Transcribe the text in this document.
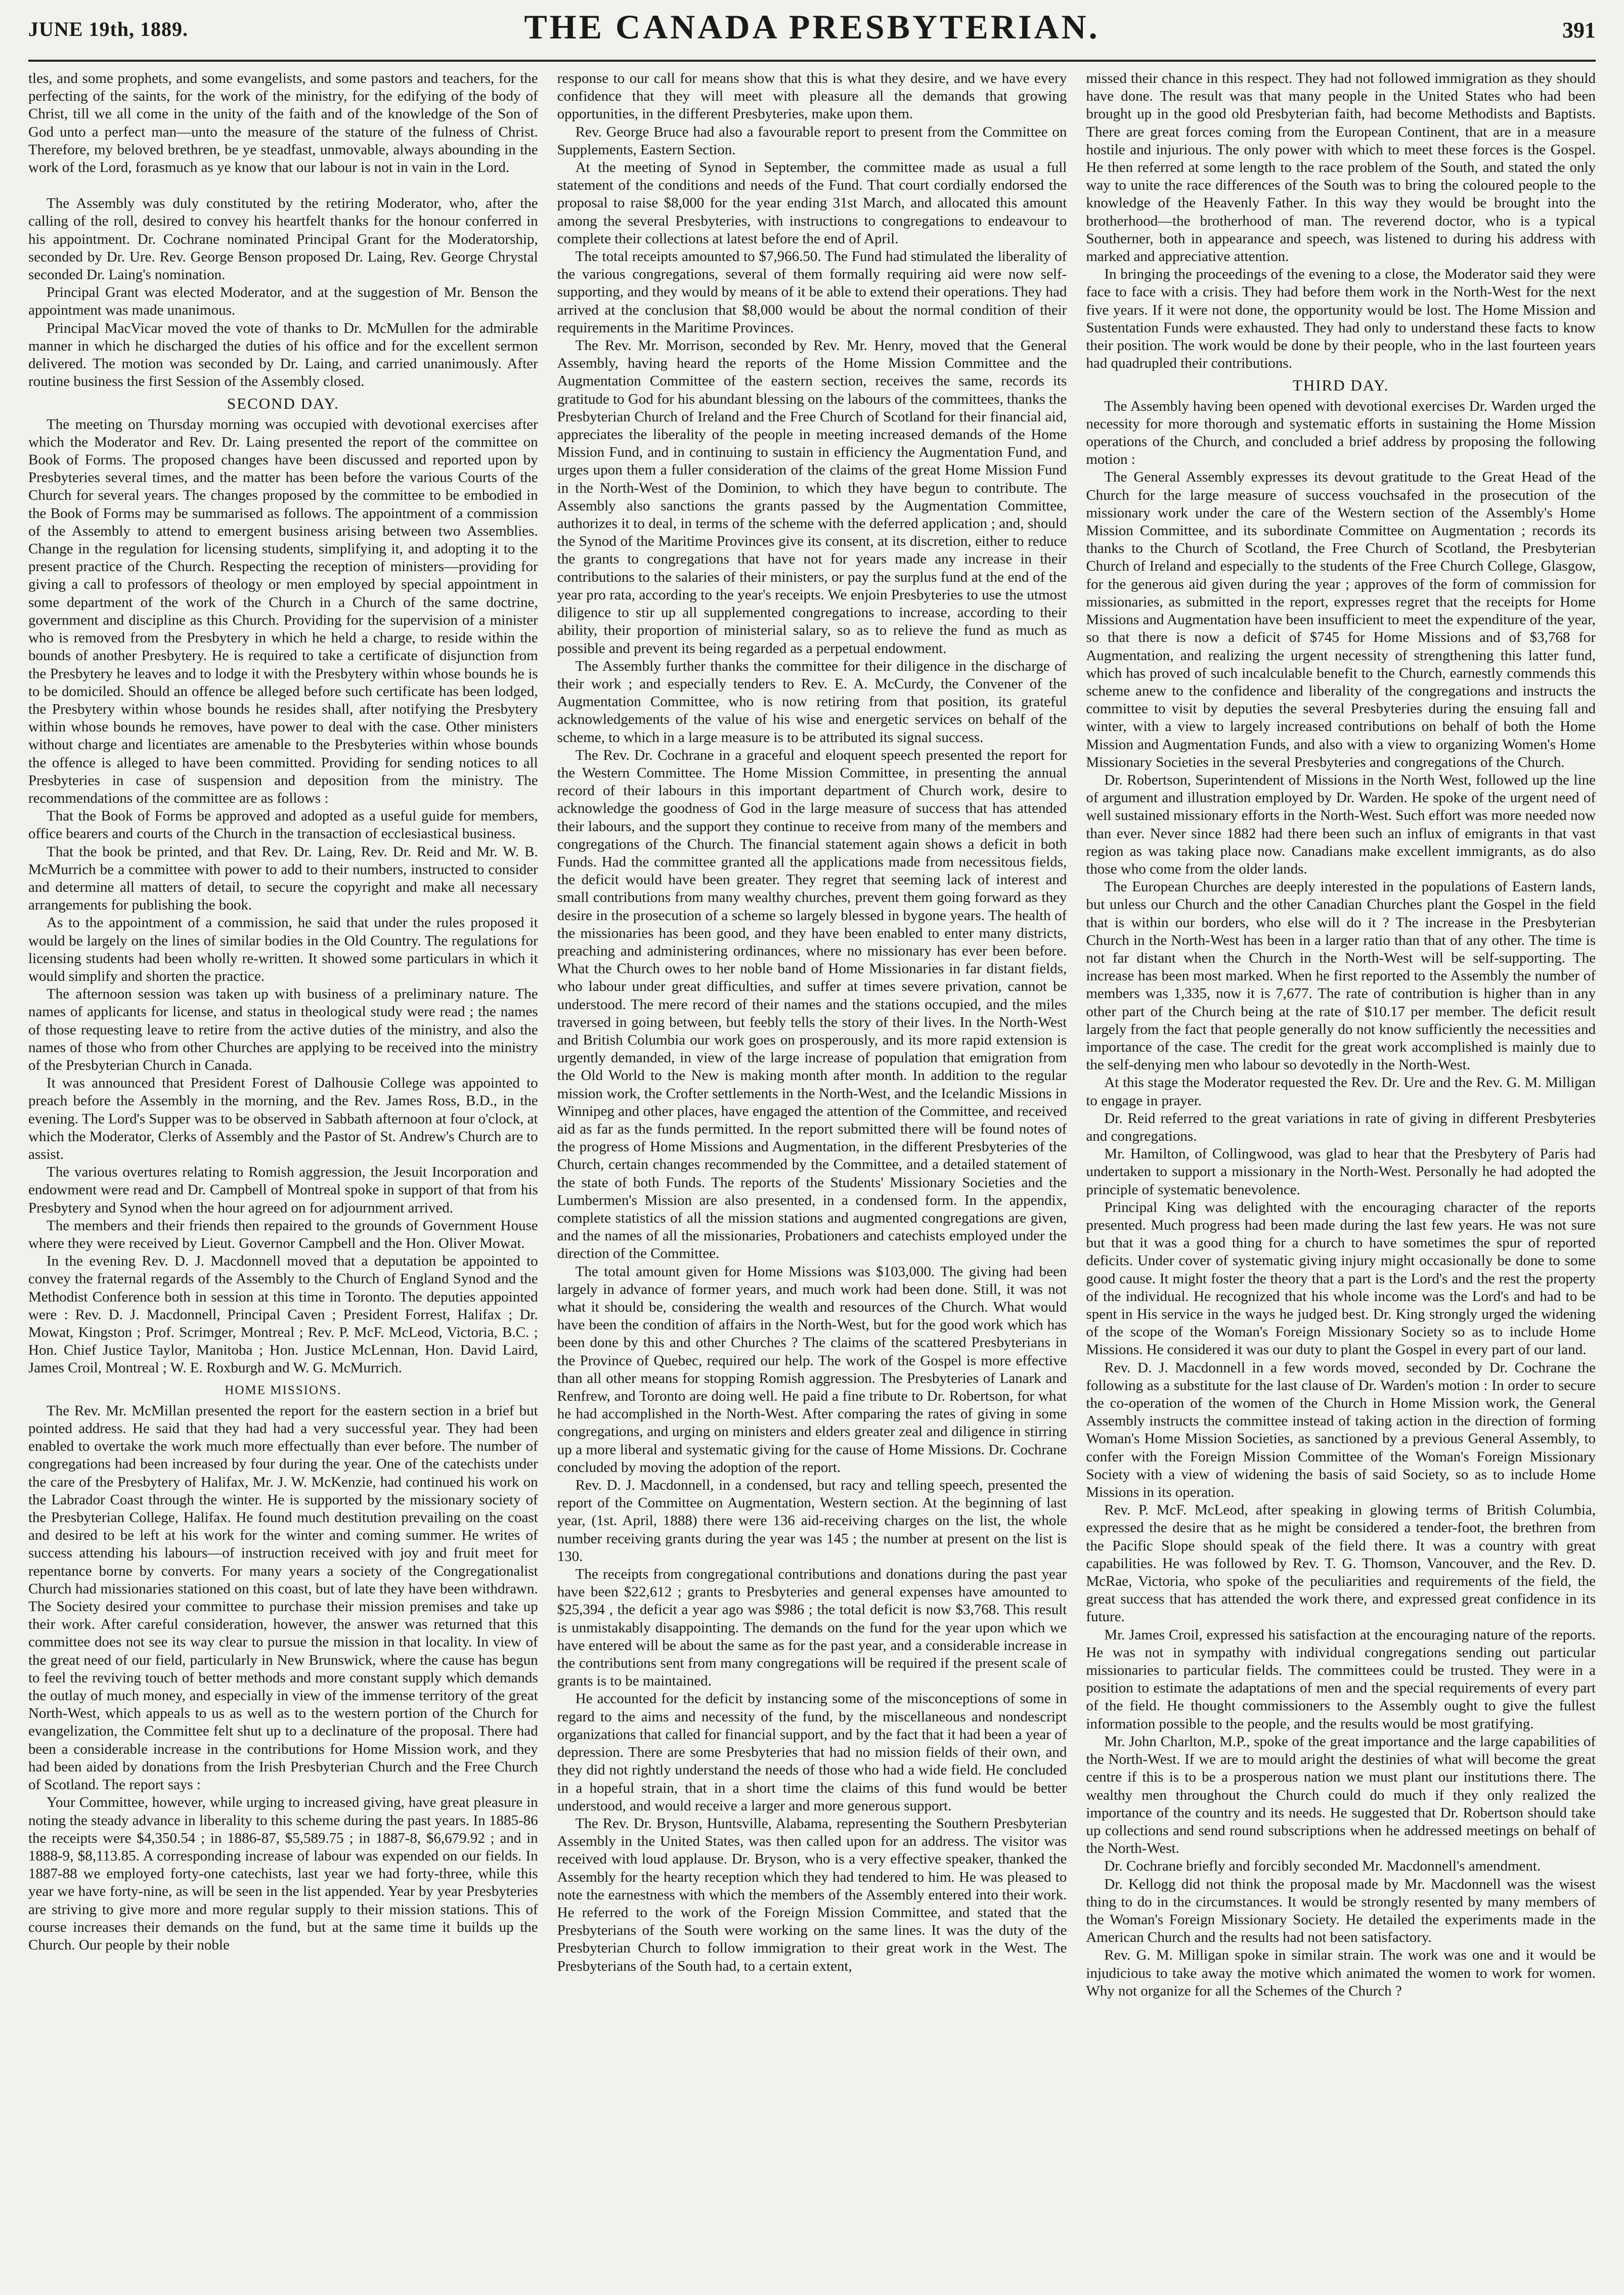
JUNE 19th, 1889.	THE CANADA PRESBYTERIAN.	391

tles, and some prophets, and some evangelists, and some pastors and teachers, for the perfecting of the saints, for the work of the ministry, for the edifying of the body of Christ, till we all come in the unity of the faith and of the knowledge of the Son of God unto a perfect man—unto the measure of the stature of the fulness of Christ. Therefore, my beloved brethren, be ye steadfast, unmovable, always abounding in the work of the Lord, forasmuch as ye know that our labour is not in vain in the Lord.

The Assembly was duly constituted by the retiring Moderator, who, after the calling of the roll, desired to convey his heartfelt thanks for the honour conferred in his appointment. Dr. Cochrane nominated Principal Grant for the Moderatorship, seconded by Dr. Ure. Rev. George Benson proposed Dr. Laing, Rev. George Chrystal seconded Dr. Laing's nomination.

Principal Grant was elected Moderator, and at the suggestion of Mr. Benson the appointment was made unanimous.

Principal MacVicar moved the vote of thanks to Dr. McMullen for the admirable manner in which he discharged the duties of his office and for the excellent sermon delivered. The motion was seconded by Dr. Laing, and carried unanimously. After routine business the first Session of the Assembly closed.

SECOND DAY.

The meeting on Thursday morning was occupied with devotional exercises after which the Moderator and Rev. Dr. Laing presented the report of the committee on Book of Forms. The proposed changes have been discussed and reported upon by Presbyteries several times, and the matter has been before the various Courts of the Church for several years. The changes proposed by the committee to be embodied in the Book of Forms may be summarised as follows. The appointment of a commission of the Assembly to attend to emergent business arising between two Assemblies. Change in the regulation for licensing students, simplifying it, and adopting it to the present practice of the Church. Respecting the reception of ministers—providing for giving a call to professors of theology or men employed by special appointment in some department of the work of the Church in a Church of the same doctrine, government and discipline as this Church. Providing for the supervision of a minister who is removed from the Presbytery in which he held a charge, to reside within the bounds of another Presbytery. He is required to take a certificate of disjunction from the Presbytery he leaves and to lodge it with the Presbytery within whose bounds he is to be domiciled. Should an offence be alleged before such certificate has been lodged, the Presbytery within whose bounds he resides shall, after notifying the Presbytery within whose bounds he removes, have power to deal with the case. Other ministers without charge and licentiates are amenable to the Presbyteries within whose bounds the offence is alleged to have been committed. Providing for sending notices to all Presbyteries in case of suspension and deposition from the ministry. The recommendations of the committee are as follows :

That the Book of Forms be approved and adopted as a useful guide for members, office bearers and courts of the Church in the transaction of ecclesiastical business.

That the book be printed, and that Rev. Dr. Laing, Rev. Dr. Reid and Mr. W. B. McMurrich be a committee with power to add to their numbers, instructed to consider and determine all matters of detail, to secure the copyright and make all necessary arrangements for publishing the book.

As to the appointment of a commission, he said that under the rules proposed it would be largely on the lines of similar bodies in the Old Country. The regulations for licensing students had been wholly re-written. It showed some particulars in which it would simplify and shorten the practice.

The afternoon session was taken up with business of a preliminary nature. The names of applicants for license, and status in theological study were read ; the names of those requesting leave to retire from the active duties of the ministry, and also the names of those who from other Churches are applying to be received into the ministry of the Presbyterian Church in Canada.

It was announced that President Forest of Dalhousie College was appointed to preach before the Assembly in the morning, and the Rev. James Ross, B.D., in the evening. The Lord's Supper was to be observed in Sabbath afternoon at four o'clock, at which the Moderator, Clerks of Assembly and the Pastor of St. Andrew's Church are to assist.

The various overtures relating to Romish aggression, the Jesuit Incorporation and endowment were read and Dr. Campbell of Montreal spoke in support of that from his Presbytery and Synod when the hour agreed on for adjournment arrived.

The members and their friends then repaired to the grounds of Government House where they were received by Lieut. Governor Campbell and the Hon. Oliver Mowat.

In the evening Rev. D. J. Macdonnell moved that a deputation be appointed to convey the fraternal regards of the Assembly to the Church of England Synod and the Methodist Conference both in session at this time in Toronto. The deputies appointed were : Rev. D. J. Macdonnell, Principal Caven ; President Forrest, Halifax ; Dr. Mowat, Kingston ; Prof. Scrimger, Montreal ; Rev. P. McF. McLeod, Victoria, B.C. ; Hon. Chief Justice Taylor, Manitoba ; Hon. Justice McLennan, Hon. David Laird, James Croil, Montreal ; W. E. Roxburgh and W. G. McMurrich.

HOME MISSIONS.

The Rev. Mr. McMillan presented the report for the eastern section in a brief but pointed address. He said that they had had a very successful year. They had been enabled to overtake the work much more effectually than ever before. The number of congregations had been increased by four during the year. One of the catechists under the care of the Presbytery of Halifax, Mr. J. W. McKenzie, had continued his work on the Labrador Coast through the winter. He is supported by the missionary society of the Presbyterian College, Halifax. He found much destitution prevailing on the coast and desired to be left at his work for the winter and coming summer. He writes of success attending his labours—of instruction received with joy and fruit meet for repentance borne by converts. For many years a society of the Congregationalist Church had missionaries stationed on this coast, but of late they have been withdrawn. The Society desired your committee to purchase their mission premises and take up their work. After careful consideration, however, the answer was returned that this committee does not see its way clear to pursue the mission in that locality. In view of the great need of our field, particularly in New Brunswick, where the cause has begun to feel the reviving touch of better methods and more constant supply which demands the outlay of much money, and especially in view of the immense territory of the great North-West, which appeals to us as well as to the western portion of the Church for evangelization, the Committee felt shut up to a declinature of the proposal. There had been a considerable increase in the contributions for Home Mission work, and they had been aided by donations from the Irish Presbyterian Church and the Free Church of Scotland. The report says :

Your Committee, however, while urging to increased giving, have great pleasure in noting the steady advance in liberality to this scheme during the past years. In 1885-86 the receipts were $4,350.54 ; in 1886-87, $5,589.75 ; in 1887-8, $6,679.92 ; and in 1888-9, $8,113.85. A corresponding increase of labour was expended on our fields. In 1887-88 we employed forty-one catechists, last year we had forty-three, while this year we have forty-nine, as will be seen in the list appended. Year by year Presbyteries are striving to give more and more regular supply to their mission stations. This of course increases their demands on the fund, but at the same time it builds up the Church. Our people by their noble

response to our call for means show that this is what they desire, and we have every confidence that they will meet with pleasure all the demands that growing opportunities, in the different Presbyteries, make upon them.

Rev. George Bruce had also a favourable report to present from the Committee on Supplements, Eastern Section.

At the meeting of Synod in September, the committee made as usual a full statement of the conditions and needs of the Fund. That court cordially endorsed the proposal to raise $8,000 for the year ending 31st March, and allocated this amount among the several Presbyteries, with instructions to congregations to endeavour to complete their collections at latest before the end of April.

The total receipts amounted to $7,966.50. The Fund had stimulated the liberality of the various congregations, several of them formally requiring aid were now self-supporting, and they would by means of it be able to extend their operations. They had arrived at the conclusion that $8,000 would be about the normal condition of their requirements in the Maritime Provinces.

The Rev. Mr. Morrison, seconded by Rev. Mr. Henry, moved that the General Assembly, having heard the reports of the Home Mission Committee and the Augmentation Committee of the eastern section, receives the same, records its gratitude to God for his abundant blessing on the labours of the committees, thanks the Presbyterian Church of Ireland and the Free Church of Scotland for their financial aid, appreciates the liberality of the people in meeting increased demands of the Home Mission Fund, and in continuing to sustain in efficiency the Augmentation Fund, and urges upon them a fuller consideration of the claims of the great Home Mission Fund in the North-West of the Dominion, to which they have begun to contribute. The Assembly also sanctions the grants passed by the Augmentation Committee, authorizes it to deal, in terms of the scheme with the deferred application ; and, should the Synod of the Maritime Provinces give its consent, at its discretion, either to reduce the grants to congregations that have not for years made any increase in their contributions to the salaries of their ministers, or pay the surplus fund at the end of the year pro rata, according to the year's receipts. We enjoin Presbyteries to use the utmost diligence to stir up all supplemented congregations to increase, according to their ability, their proportion of ministerial salary, so as to relieve the fund as much as possible and prevent its being regarded as a perpetual endowment.

The Assembly further thanks the committee for their diligence in the discharge of their work ; and especially tenders to Rev. E. A. McCurdy, the Convener of the Augmentation Committee, who is now retiring from that position, its grateful acknowledgements of the value of his wise and energetic services on behalf of the scheme, to which in a large measure is to be attributed its signal success.

The Rev. Dr. Cochrane in a graceful and eloquent speech presented the report for the Western Committee. The Home Mission Committee, in presenting the annual record of their labours in this important department of Church work, desire to acknowledge the goodness of God in the large measure of success that has attended their labours, and the support they continue to receive from many of the members and congregations of the Church. The financial statement again shows a deficit in both Funds. Had the committee granted all the applications made from necessitous fields, the deficit would have been greater. They regret that seeming lack of interest and small contributions from many wealthy churches, prevent them going forward as they desire in the prosecution of a scheme so largely blessed in bygone years. The health of the missionaries has been good, and they have been enabled to enter many districts, preaching and administering ordinances, where no missionary has ever been before. What the Church owes to her noble band of Home Missionaries in far distant fields, who labour under great difficulties, and suffer at times severe privation, cannot be understood. The mere record of their names and the stations occupied, and the miles traversed in going between, but feebly tells the story of their lives. In the North-West and British Columbia our work goes on prosperously, and its more rapid extension is urgently demanded, in view of the large increase of population that emigration from the Old World to the New is making month after month. In addition to the regular mission work, the Crofter settlements in the North-West, and the Icelandic Missions in Winnipeg and other places, have engaged the attention of the Committee, and received aid as far as the funds permitted. In the report submitted there will be found notes of the progress of Home Missions and Augmentation, in the different Presbyteries of the Church, certain changes recommended by the Committee, and a detailed statement of the state of both Funds. The reports of the Students' Missionary Societies and the Lumbermen's Mission are also presented, in a condensed form. In the appendix, complete statistics of all the mission stations and augmented congregations are given, and the names of all the missionaries, Probationers and catechists employed under the direction of the Committee.

The total amount given for Home Missions was $103,000. The giving had been largely in advance of former years, and much work had been done. Still, it was not what it should be, considering the wealth and resources of the Church. What would have been the condition of affairs in the North-West, but for the good work which has been done by this and other Churches ? The claims of the scattered Presbyterians in the Province of Quebec, required our help. The work of the Gospel is more effective than all other means for stopping Romish aggression. The Presbyteries of Lanark and Renfrew, and Toronto are doing well. He paid a fine tribute to Dr. Robertson, for what he had accomplished in the North-West. After comparing the rates of giving in some congregations, and urging on ministers and elders greater zeal and diligence in stirring up a more liberal and systematic giving for the cause of Home Missions. Dr. Cochrane concluded by moving the adoption of the report.

Rev. D. J. Macdonnell, in a condensed, but racy and telling speech, presented the report of the Committee on Augmentation, Western section. At the beginning of last year, (1st. April, 1888) there were 136 aid-receiving charges on the list, the whole number receiving grants during the year was 145 ; the number at present on the list is 130.

The receipts from congregational contributions and donations during the past year have been $22,612 ; grants to Presbyteries and general expenses have amounted to $25,394 , the deficit a year ago was $986 ; the total deficit is now $3,768. This result is unmistakably disappointing. The demands on the fund for the year upon which we have entered will be about the same as for the past year, and a considerable increase in the contributions sent from many congregations will be required if the present scale of grants is to be maintained.

He accounted for the deficit by instancing some of the misconceptions of some in regard to the aims and necessity of the fund, by the miscellaneous and nondescript organizations that called for financial support, and by the fact that it had been a year of depression. There are some Presbyteries that had no mission fields of their own, and they did not rightly understand the needs of those who had a wide field. He concluded in a hopeful strain, that in a short time the claims of this fund would be better understood, and would receive a larger and more generous support.

The Rev. Dr. Bryson, Huntsville, Alabama, representing the Southern Presbyterian Assembly in the United States, was then called upon for an address. The visitor was received with loud applause. Dr. Bryson, who is a very effective speaker, thanked the Assembly for the hearty reception which they had tendered to him. He was pleased to note the earnestness with which the members of the Assembly entered into their work. He referred to the work of the Foreign Mission Committee, and stated that the Presbyterians of the South were working on the same lines. It was the duty of the Presbyterian Church to follow immigration to their great work in the West. The Presbyterians of the South had, to a certain extent,

missed their chance in this respect. They had not followed immigration as they should have done. The result was that many people in the United States who had been brought up in the good old Presbyterian faith, had become Methodists and Baptists. There are great forces coming from the European Continent, that are in a measure hostile and injurious. The only power with which to meet these forces is the Gospel. He then referred at some length to the race problem of the South, and stated the only way to unite the race differences of the South was to bring the coloured people to the knowledge of the Heavenly Father. In this way they would be brought into the brotherhood—the brotherhood of man. The reverend doctor, who is a typical Southerner, both in appearance and speech, was listened to during his address with marked and appreciative attention.

In bringing the proceedings of the evening to a close, the Moderator said they were face to face with a crisis. They had before them work in the North-West for the next five years. If it were not done, the opportunity would be lost. The Home Mission and Sustentation Funds were exhausted. They had only to understand these facts to know their position. The work would be done by their people, who in the last fourteen years had quadrupled their contributions.

THIRD DAY.

The Assembly having been opened with devotional exercises Dr. Warden urged the necessity for more thorough and systematic efforts in sustaining the Home Mission operations of the Church, and concluded a brief address by proposing the following motion :

The General Assembly expresses its devout gratitude to the Great Head of the Church for the large measure of success vouchsafed in the prosecution of the missionary work under the care of the Western section of the Assembly's Home Mission Committee, and its subordinate Committee on Augmentation ; records its thanks to the Church of Scotland, the Free Church of Scotland, the Presbyterian Church of Ireland and especially to the students of the Free Church College, Glasgow, for the generous aid given during the year ; approves of the form of commission for missionaries, as submitted in the report, expresses regret that the receipts for Home Missions and Augmentation have been insufficient to meet the expenditure of the year, so that there is now a deficit of $745 for Home Missions and of $3,768 for Augmentation, and realizing the urgent necessity of strengthening this latter fund, which has proved of such incalculable benefit to the Church, earnestly commends this scheme anew to the confidence and liberality of the congregations and instructs the committee to visit by deputies the several Presbyteries during the ensuing fall and winter, with a view to largely increased contributions on behalf of both the Home Mission and Augmentation Funds, and also with a view to organizing Women's Home Missionary Societies in the several Presbyteries and congregations of the Church.

Dr. Robertson, Superintendent of Missions in the North West, followed up the line of argument and illustration employed by Dr. Warden. He spoke of the urgent need of well sustained missionary efforts in the North-West. Such effort was more needed now than ever. Never since 1882 had there been such an influx of emigrants in that vast region as was taking place now. Canadians make excellent immigrants, as do also those who come from the older lands.

The European Churches are deeply interested in the populations of Eastern lands, but unless our Church and the other Canadian Churches plant the Gospel in the field that is within our borders, who else will do it ? The increase in the Presbyterian Church in the North-West has been in a larger ratio than that of any other. The time is not far distant when the Church in the North-West will be self-supporting. The increase has been most marked. When he first reported to the Assembly the number of members was 1,335, now it is 7,677. The rate of contribution is higher than in any other part of the Church being at the rate of $10.17 per member. The deficit result largely from the fact that people generally do not know sufficiently the necessities and importance of the case. The credit for the great work accomplished is mainly due to the self-denying men who labour so devotedly in the North-West.

At this stage the Moderator requested the Rev. Dr. Ure and the Rev. G. M. Milligan to engage in prayer.

Dr. Reid referred to the great variations in rate of giving in different Presbyteries and congregations.

Mr. Hamilton, of Collingwood, was glad to hear that the Presbytery of Paris had undertaken to support a missionary in the North-West. Personally he had adopted the principle of systematic benevolence.

Principal King was delighted with the encouraging character of the reports presented. Much progress had been made during the last few years. He was not sure but that it was a good thing for a church to have sometimes the spur of reported deficits. Under cover of systematic giving injury might occasionally be done to some good cause. It might foster the theory that a part is the Lord's and the rest the property of the individual. He recognized that his whole income was the Lord's and had to be spent in His service in the ways he judged best. Dr. King strongly urged the widening of the scope of the Woman's Foreign Missionary Society so as to include Home Missions. He considered it was our duty to plant the Gospel in every part of our land.

Rev. D. J. Macdonnell in a few words moved, seconded by Dr. Cochrane the following as a substitute for the last clause of Dr. Warden's motion : In order to secure the co-operation of the women of the Church in Home Mission work, the General Assembly instructs the committee instead of taking action in the direction of forming Woman's Home Mission Societies, as sanctioned by a previous General Assembly, to confer with the Foreign Mission Committee of the Woman's Foreign Missionary Society with a view of widening the basis of said Society, so as to include Home Missions in its operation.

Rev. P. McF. McLeod, after speaking in glowing terms of British Columbia, expressed the desire that as he might be considered a tender-foot, the brethren from the Pacific Slope should speak of the field there. It was a country with great capabilities. He was followed by Rev. T. G. Thomson, Vancouver, and the Rev. D. McRae, Victoria, who spoke of the peculiarities and requirements of the field, the great success that has attended the work there, and expressed great confidence in its future.

Mr. James Croil, expressed his satisfaction at the encouraging nature of the reports. He was not in sympathy with individual congregations sending out particular missionaries to particular fields. The committees could be trusted. They were in a position to estimate the adaptations of men and the special requirements of every part of the field. He thought commissioners to the Assembly ought to give the fullest information possible to the people, and the results would be most gratifying.

Mr. John Charlton, M.P., spoke of the great importance and the large capabilities of the North-West. If we are to mould aright the destinies of what will become the great centre if this is to be a prosperous nation we must plant our institutions there. The wealthy men throughout the Church could do much if they only realized the importance of the country and its needs. He suggested that Dr. Robertson should take up collections and send round subscriptions when he addressed meetings on behalf of the North-West.

Dr. Cochrane briefly and forcibly seconded Mr. Macdonnell's amendment.

Dr. Kellogg did not think the proposal made by Mr. Macdonnell was the wisest thing to do in the circumstances. It would be strongly resented by many members of the Woman's Foreign Missionary Society. He detailed the experiments made in the American Church and the results had not been satisfactory.

Rev. G. M. Milligan spoke in similar strain. The work was one and it would be injudicious to take away the motive which animated the women to work for women. Why not organize for all the Schemes of the Church ?
